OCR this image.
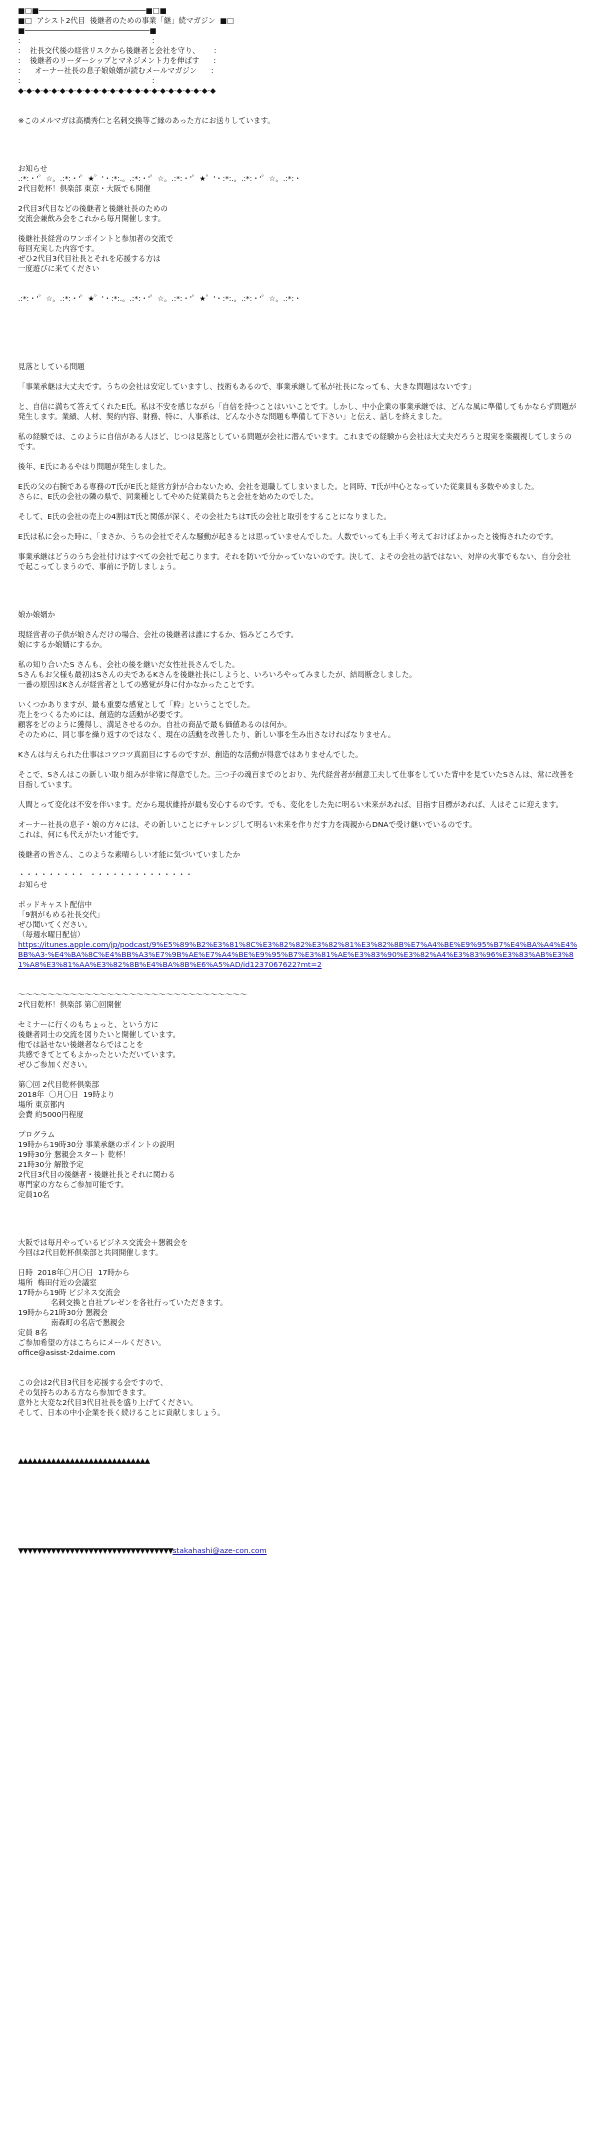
■□■────────────────────────■□■
■□  アシスト2代目  後継者のための事業「継」続マガジン  ■□
■────────────────────────────■
:                                                        :
:    社長交代後の経営リスクから後継者と会社を守り、      :
:    後継者のリーダーシップとマネジメント力を伸ばす      :
:      オーナー社長の息子娘娘婿が読むメールマガジン      :
:                                                        :
◆-◆-◆-◆-◆-◆-◆-◆-◆-◆-◆-◆-◆-◆-◆-◆-◆-◆-◆-◆-◆-◆-◆-◆
※このメルマガは高橋秀仁と名刺交換等ご縁のあった方にお送りしています。
お知らせ
.:*:・'゜☆。.:*:・'゜★゜'・:*:.。.:*:・'゜☆。.:*:・'゜★゜'・:*:.。.:*:・'゜☆。.:*:・
2代目乾杯！倶楽部 東京・大阪でも開催
2代目3代目などの後継者と後継社長のための
交流会兼飲み会をこれから毎月開催します。
後継社長経営のワンポイントと参加者の交流で
毎回充実した内容です。
ぜひ2代目3代目社長とそれを応援する方は
一度遊びに来てください
.:*:・'゜☆。.:*:・'゜★゜'・:*:.。.:*:・'゜☆。.:*:・'゜★゜'・:*:.。.:*:・'゜☆。.:*:・
見落としている問題
「事業承継は大丈夫です。うちの会社は安定していますし、技術もあるので、事業承継して私が社長になっても、大きな問題はないです」
と、自信に満ちて答えてくれたE氏。私は不安を感じながら「自信を持つことはいいことです。しかし、中小企業の事業承継では、どんな風に準備してもかならず問題が発生します。業績、人材、契約内容、財務、特に、人事系は、どんな小さな問題も準備して下さい」と伝え、話しを終えました。
私の経験では、このように自信がある人ほど、じつは見落としている問題が会社に潜んでいます。これまでの経験から会社は大丈夫だろうと現実を楽観視してしまうのです。
後年、E氏にあるやはり問題が発生しました。
E氏の父の右腕である専務のT氏がE氏と経営方針が合わないため、会社を退職してしまいました。と同時、T氏が中心となっていた従業員も多数やめました。
さらに、E氏の会社の隣の県で、同業種としてやめた従業員たちと会社を始めたのでした。
そして、E氏の会社の売上の4割はT氏と関係が深く、その会社たちはT氏の会社と取引をすることになりました。
E氏は私に会った時に、「まさか、うちの会社でそんな騒動が起きるとは思っていませんでした。人数でいっても上手く考えておけばよかったと後悔されたのです。
事業承継はどうのうち会社付けはすべての会社で起こります。それを防いで分かっていないのです。決して、よその会社の話ではない、対岸の火事でもない、自分会社で起こってしまうので、事前に予防しましょう。
娘か娘婿か
現経営者の子供が娘さんだけの場合、会社の後継者は誰にするか、悩みどころです。
娘にするか娘婿にするか。
私の知り合いたS さんも、会社の後を継いだ女性社長さんでした。
Sさんもお父様も最初はSさんの夫であるKさんを後継社長にしようと、いろいろやってみましたが、結局断念しました。
一番の原因はKさんが経営者としての感覚が身に付かなかったことです。
いくつかありますが、最も重要な感覚として「粋」ということでした。
売上をつくるためには、創造的な活動が必要です。
顧客をどのように獲得し、満足させるのか。自社の商品で最も価値あるのは何か。
そのために、同じ事を繰り返すのではなく、現在の活動を改善したり、新しい事を生み出さなければなりません。
Kさんは与えられた仕事はコツコツ真面目にするのですが、創造的な活動が得意ではありませんでした。
そこで、Sさんはこの新しい取り組みが非常に得意でした。三つ子の魂百までのとおり、先代経営者が創意工夫して仕事をしていた背中を見ていたSさんは、常に改善を目指しています。
人間とって変化は不安を伴います。だから現状維持が最も安心するのです。でも、変化をした先に明るい未来があれば、目指す目標があれば、人はそこに迎えます。
オーナー社長の息子・娘の方々には、その新しいことにチャレンジして明るい未来を作りだす力を両親からDNAで受け継いでいるのです。
これは、何にも代えがたい才能です。
後継者の皆さん、このような素晴らしい才能に気づいていましたか
・・・・・・・・・  ・・・・・・・・・・・・・・
お知らせ
ポッドキャスト配信中
「9割がもめる社長交代」
ぜひ聞いてください。
（毎週水曜日配信）
https://itunes.apple.com/jp/podcast/9%E5%89%B2%E3%81%8C%E3%82%82%E3%82%81%E3%82%8B%E7%A4%BE%E9%95%B7%E4%BA%A4%E4%BB%A3-%E4%BA%8C%E4%BB%A3%E7%9B%AE%E7%A4%BE%E9%95%B7%E3%81%AE%E3%83%90%E3%82%A4%E3%83%96%E3%83%AB%E3%81%A8%E3%81%AA%E3%82%8B%E4%BA%8B%E6%A5%AD/id1237067622?mt=2
～～～～～～～～～～～～～～～～～～～～～～～～～～～～～～～
2代目乾杯！倶楽部 第〇回開催
セミナーに行くのもちょっと、という方に
後継者同士の交流を図りたいと開催しています。
他では話せない後継者ならではことを
共感できてとてもよかったといただいています。
ぜひご参加ください。
第〇回 2代目乾杯倶楽部
2018年  〇月〇日  19時より
場所 東京都内
会費 約5000円程度
プログラム
19時から19時30分 事業承継のポイントの説明
19時30分 懇親会スタート 乾杯！
21時30分 解散予定
2代目3代目の後継者・後継社長とそれに関わる
専門家の方ならご参加可能です。
定員10名
大阪では毎月やっているビジネス交流会＋懇親会を
今回は2代目乾杯倶楽部と共同開催します。
日時  2018年〇月〇日  17時から
場所  梅田付近の会議室
17時から19時 ビジネス交流会
名刺交換と自社プレゼンを各社行っていただきます。
19時から21時30分 懇親会
南森町の名店で懇親会
定員 8名
ご参加希望の方はこちらにメールください。
office@asisst-2daime.com
この会は2代目3代目を応援する会ですので、
その気持ちのある方なら参加できます。
意外と大変な2代目3代目社長を盛り上げてください。
そして、日本の中小企業を長く続けることに貢献しましょう。
▲▲▲▲▲▲▲▲▲▲▲▲▲▲▲▲▲▲▲▲▲▲▲▲▲▲▲▲

▼▼▼▼▼▼▼▼▼▼▼▼▼▼▼▼▼▼▼▼▼▼▼▼▼▼▼▼▼▼▼▼▼stakahashi@aze-con.com
